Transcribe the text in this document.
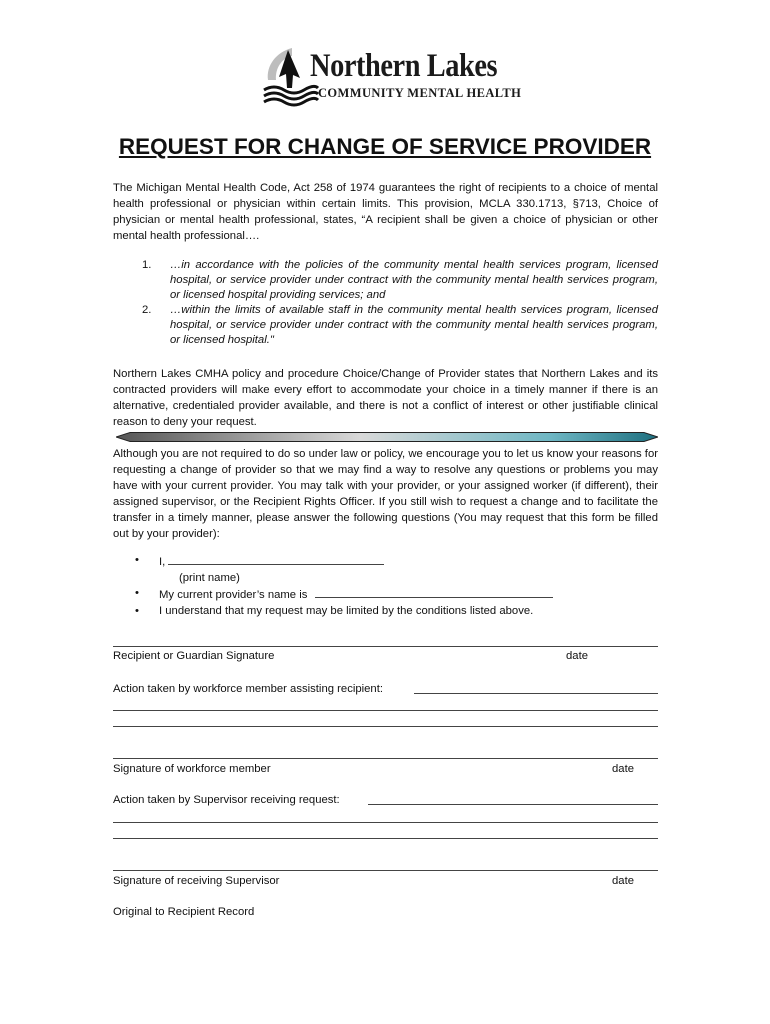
Northern Lakes
COMMUNITY MENTAL HEALTH
REQUEST FOR CHANGE OF SERVICE PROVIDER

The Michigan Mental Health Code, Act 258 of 1974 guarantees the right of recipients to a choice of mental health professional or physician within certain limits. This provision, MCLA 330.1713, §713, Choice of physician or mental health professional, states, “A recipient shall be given a choice of physician or other mental health professional….

1. …in accordance with the policies of the community mental health services program, licensed hospital, or service provider under contract with the community mental health services program, or licensed hospital providing services; and
2. …within the limits of available staff in the community mental health services program, licensed hospital, or service provider under contract with the community mental health services program, or licensed hospital."

Northern Lakes CMHA policy and procedure Choice/Change of Provider states that Northern Lakes and its contracted providers will make every effort to accommodate your choice in a timely manner if there is an alternative, credentialed provider available, and there is not a conflict of interest or other justifiable clinical reason to deny your request.

Although you are not required to do so under law or policy, we encourage you to let us know your reasons for requesting a change of provider so that we may find a way to resolve any questions or problems you may have with your current provider. You may talk with your provider, or your assigned worker (if different), their assigned supervisor, or the Recipient Rights Officer. If you still wish to request a change and to facilitate the transfer in a timely manner, please answer the following questions (You may request that this form be filled out by your provider):

• I,
(print name)
• My current provider’s name is
• I understand that my request may be limited by the conditions listed above.
Recipient or Guardian Signature	date
Action taken by workforce member assisting recipient:
Signature of workforce member	date
Action taken by Supervisor receiving request:
Signature of receiving Supervisor	date
Original to Recipient Record
